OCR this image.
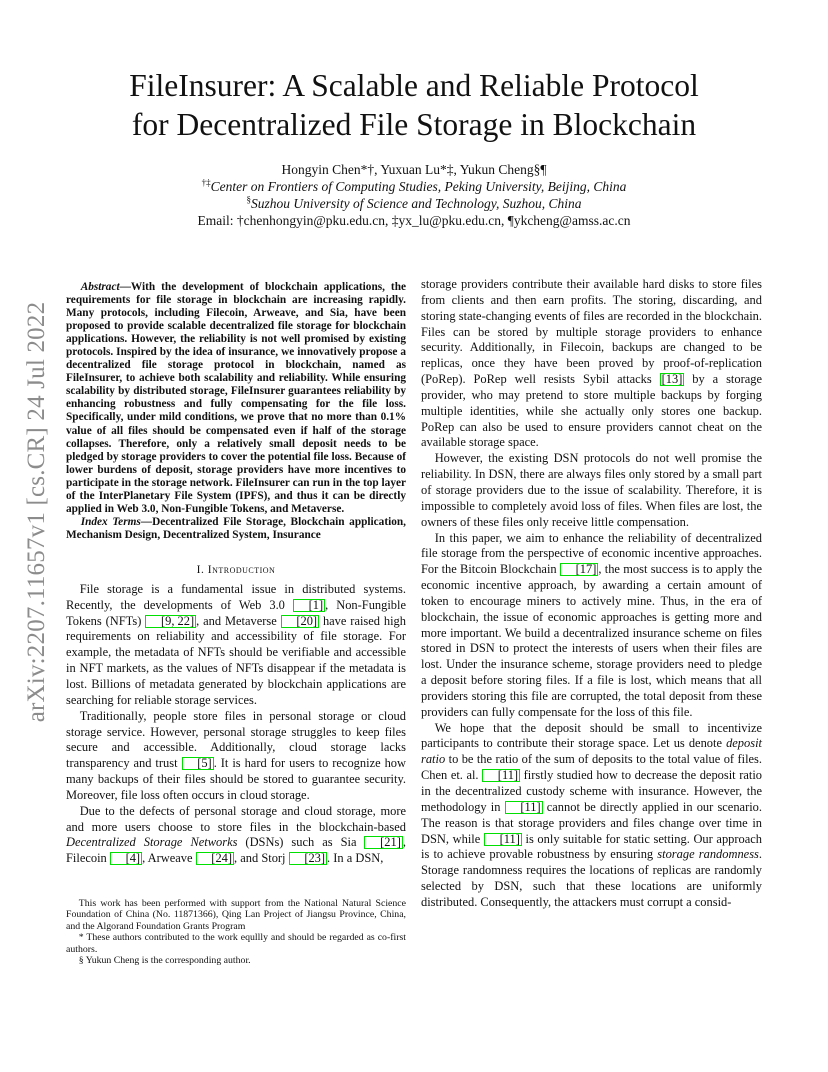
arXiv:2207.11657v1 [cs.CR] 24 Jul 2022
FileInsurer: A Scalable and Reliable Protocol
for Decentralized File Storage in Blockchain
Hongyin Chen*†, Yuxuan Lu*‡, Yukun Cheng§¶
†‡Center on Frontiers of Computing Studies, Peking University, Beijing, China
§Suzhou University of Science and Technology, Suzhou, China
Email: †chenhongyin@pku.edu.cn, ‡yx_lu@pku.edu.cn, ¶ykcheng@amss.ac.cn

Abstract—With the development of blockchain applications, the requirements for file storage in blockchain are increasing rapidly. Many protocols, including Filecoin, Arweave, and Sia, have been proposed to provide scalable decentralized file storage for blockchain applications. However, the reliability is not well promised by existing protocols. Inspired by the idea of insurance, we innovatively propose a decentralized file storage protocol in blockchain, named as FileInsurer, to achieve both scalability and reliability. While ensuring scalability by distributed storage, FileInsurer guarantees reliability by enhancing robustness and fully compensating for the file loss. Specifically, under mild conditions, we prove that no more than 0.1% value of all files should be compensated even if half of the storage collapses. Therefore, only a relatively small deposit needs to be pledged by storage providers to cover the potential file loss. Because of lower burdens of deposit, storage providers have more incentives to participate in the storage network. FileInsurer can run in the top layer of the InterPlanetary File System (IPFS), and thus it can be directly applied in Web 3.0, Non-Fungible Tokens, and Metaverse.

Index Terms—Decentralized File Storage, Blockchain application, Mechanism Design, Decentralized System, Insurance

I. Introduction

File storage is a fundamental issue in distributed systems. Recently, the developments of Web 3.0 [1] , Non-Fungible Tokens (NFTs) [9, 22] , and Metaverse [20] have raised high requirements on reliability and accessibility of file storage. For example, the metadata of NFTs should be verifiable and accessible in NFT markets, as the values of NFTs disappear if the metadata is lost. Billions of metadata generated by blockchain applications are searching for reliable storage services.

Traditionally, people store files in personal storage or cloud storage service. However, personal storage struggles to keep files secure and accessible. Additionally, cloud storage lacks transparency and trust [5] . It is hard for users to recognize how many backups of their files should be stored to guarantee security. Moreover, file loss often occurs in cloud storage.

Due to the defects of personal storage and cloud storage, more and more users choose to store files in the blockchain-based Decentralized Storage Networks (DSNs) such as Sia [21] , Filecoin [4] , Arweave [24] , and Storj [23] . In a DSN,

This work has been performed with support from the National Natural Science Foundation of China (No. 11871366), Qing Lan Project of Jiangsu Province, China, and the Algorand Foundation Grants Program

* These authors contributed to the work equllly and should be regarded as co-first authors.

§ Yukun Cheng is the corresponding author.

storage providers contribute their available hard disks to store files from clients and then earn profits. The storing, discarding, and storing state-changing events of files are recorded in the blockchain. Files can be stored by multiple storage providers to enhance security. Additionally, in Filecoin, backups are changed to be replicas, once they have been proved by proof-of-replication (PoRep). PoRep well resists Sybil attacks [13] by a storage provider, who may pretend to store multiple backups by forging multiple identities, while she actually only stores one backup. PoRep can also be used to ensure providers cannot cheat on the available storage space.

However, the existing DSN protocols do not well promise the reliability. In DSN, there are always files only stored by a small part of storage providers due to the issue of scalability. Therefore, it is impossible to completely avoid loss of files. When files are lost, the owners of these files only receive little compensation.

In this paper, we aim to enhance the reliability of decentralized file storage from the perspective of economic incentive approaches. For the Bitcoin Blockchain [17] , the most success is to apply the economic incentive approach, by awarding a certain amount of token to encourage miners to actively mine. Thus, in the era of blockchain, the issue of economic approaches is getting more and more important. We build a decentralized insurance scheme on files stored in DSN to protect the interests of users when their files are lost. Under the insurance scheme, storage providers need to pledge a deposit before storing files. If a file is lost, which means that all providers storing this file are corrupted, the total deposit from these providers can fully compensate for the loss of this file.

We hope that the deposit should be small to incentivize participants to contribute their storage space. Let us denote deposit ratio to be the ratio of the sum of deposits to the total value of files. Chen et. al. [11] firstly studied how to decrease the deposit ratio in the decentralized custody scheme with insurance. However, the methodology in [11] cannot be directly applied in our scenario. The reason is that storage providers and files change over time in DSN, while [11] is only suitable for static setting. Our approach is to achieve provable robustness by ensuring storage randomness. Storage randomness requires the locations of replicas are randomly selected by DSN, such that these locations are uniformly distributed. Consequently, the attackers must corrupt a consid-
